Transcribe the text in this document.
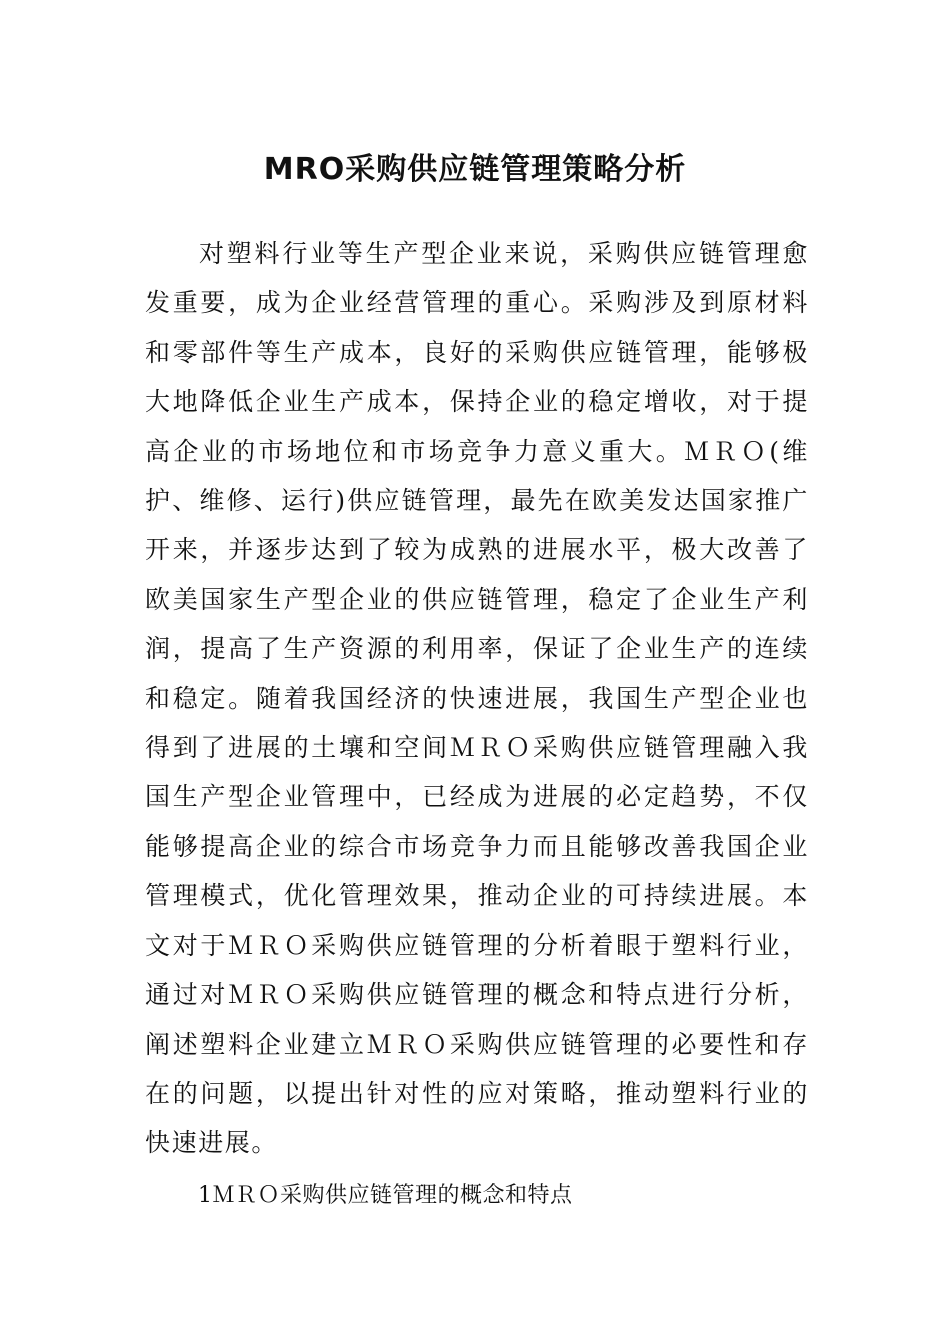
MRO采购供应链管理策略分析

对塑料行业等生产型企业来说，采购供应链管理愈发重要，成为企业经营管理的重心。采购涉及到原材料和零部件等生产成本，良好的采购供应链管理，能够极大地降低企业生产成本，保持企业的稳定增收，对于提高企业的市场地位和市场竞争力意义重大。ＭＲＯ(维护、维修、运行)供应链管理，最先在欧美发达国家推广开来，并逐步达到了较为成熟的进展水平，极大改善了欧美国家生产型企业的供应链管理，稳定了企业生产利润，提高了生产资源的利用率，保证了企业生产的连续和稳定。随着我国经济的快速进展，我国生产型企业也得到了进展的土壤和空间ＭＲＯ采购供应链管理融入我国生产型企业管理中，已经成为进展的必定趋势，不仅能够提高企业的综合市场竞争力而且能够改善我国企业管理模式，优化管理效果，推动企业的可持续进展。本文对于ＭＲＯ采购供应链管理的分析着眼于塑料行业，通过对ＭＲＯ采购供应链管理的概念和特点进行分析，阐述塑料企业建立ＭＲＯ采购供应链管理的必要性和存在的问题，以提出针对性的应对策略，推动塑料行业的快速进展。

1ＭＲＯ采购供应链管理的概念和特点
